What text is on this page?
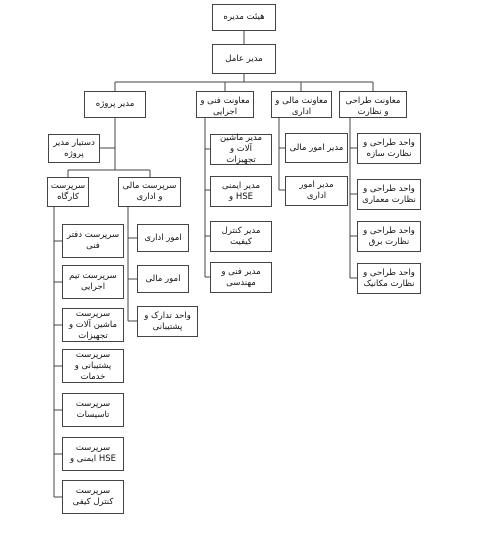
هیئت مدیره
مدیر عامل
مدیر پروژه	معاونت فنی و اجرایی
معاونت مالی و اداری
معاونت طراحی و نظارت
دستیار مدیر پروژه
سرپرست کارگاه
سرپرست مالی و اداری
سرپرست دفتر فنی
سرپرست تیم اجرایی
سرپرست ماشین آلات و تجهیزات
سرپرست پشتیبانی و خدمات
سرپرست تاسیسات
سرپرست HSE ایمنی و
سرپرست کنترل کیفی
امور اداری
امور مالی
واحد تدارک و پشتیبانی
مدیر ماشین آلات و تجهیزات
مدیر ایمنی HSE و
مدیر کنترل کیفیت
مدیر فنی و مهندسی
مدیر امور مالی
مدیر امور اداری
واحد طراحی و نظارت سازه
واحد طراحی و نظارت معماری
واحد طراحی و نظارت برق
واحد طراحی و نظارت مکانیک
